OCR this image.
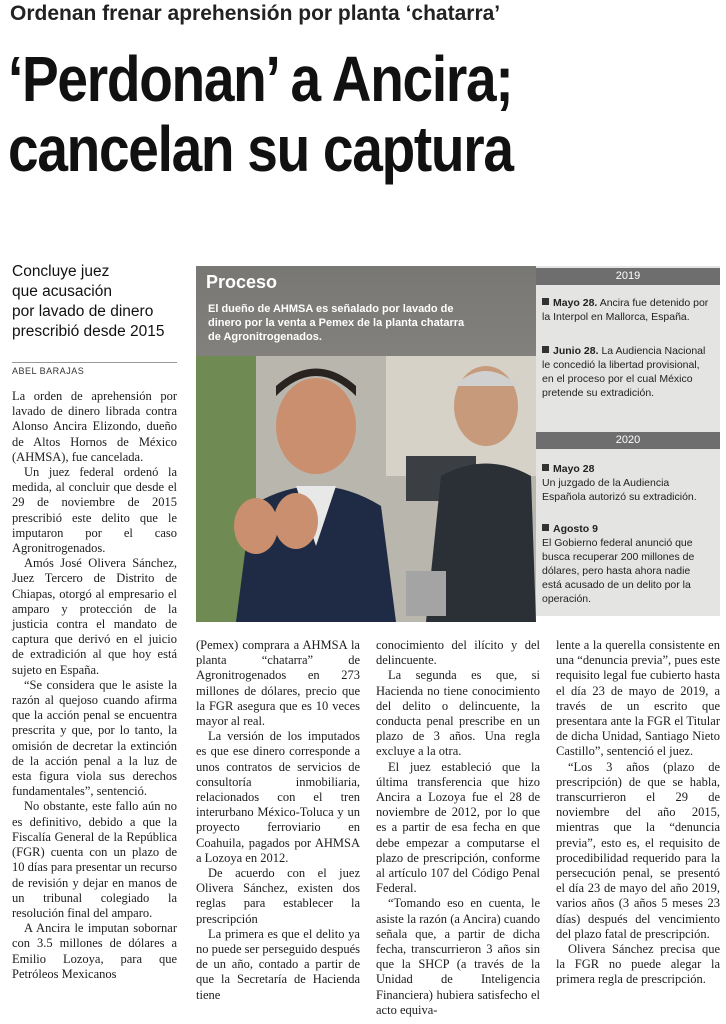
Ordenan frenar aprehensión por planta ‘chatarra’
‘Perdonan’ a Ancira;
cancelan su captura
Concluye juez
que acusación
por lavado de dinero
prescribió desde 2015
ABEL BARAJAS
Proceso
El dueño de AHMSA es señalado por lavado de dinero por la venta a Pemex de la planta chatarra de Agronitrogenados.
2019
Mayo 28. Ancira fue detenido por la Interpol en Mallorca, España.
Junio 28. La Audiencia Nacional le concedió la libertad provisional, en el proceso por el cual México pretende su extradición.
2020
Mayo 28
Un juzgado de la Audiencia Española autorizó su extradición.
Agosto 9
El Gobierno federal anunció que busca recuperar 200 millones de dólares, pero hasta ahora nadie está acusado de un delito por la operación.

La orden de aprehensión por lavado de dinero librada contra Alonso Ancira Elizondo, dueño de Altos Hornos de México (AHMSA), fue cancelada.

Un juez federal ordenó la medida, al concluir que desde el 29 de noviembre de 2015 prescribió este delito que le imputaron por el caso Agronitrogenados.

Amós José Olivera Sánchez, Juez Tercero de Distrito de Chiapas, otorgó al empresario el amparo y protección de la justicia contra el mandato de captura que derivó en el juicio de extradición al que hoy está sujeto en España.

“Se considera que le asiste la razón al quejoso cuando afirma que la acción penal se encuentra prescrita y que, por lo tanto, la omisión de decretar la extinción de la acción penal a la luz de esta figura viola sus derechos fundamentales”, sentenció.

No obstante, este fallo aún no es definitivo, debido a que la Fiscalía General de la República (FGR) cuenta con un plazo de 10 días para presentar un recurso de revisión y dejar en manos de un tribunal colegiado la resolución final del amparo.

A Ancira le imputan sobornar con 3.5 millones de dólares a Emilio Lozoya, para que Petróleos Mexicanos

(Pemex) comprara a AHMSA la planta “chatarra” de Agronitrogenados en 273 millones de dólares, precio que la FGR asegura que es 10 veces mayor al real.

La versión de los imputados es que ese dinero corresponde a unos contratos de servicios de consultoría inmobiliaria, relacionados con el tren interurbano México-Toluca y un proyecto ferroviario en Coahuila, pagados por AHMSA a Lozoya en 2012.

De acuerdo con el juez Olivera Sánchez, existen dos reglas para establecer la prescripción

La primera es que el delito ya no puede ser perseguido después de un año, contado a partir de que la Secretaría de Hacienda tiene

conocimiento del ilícito y del delincuente.

La segunda es que, si Hacienda no tiene conocimiento del delito o delincuente, la conducta penal prescribe en un plazo de 3 años. Una regla excluye a la otra.

El juez estableció que la última transferencia que hizo Ancira a Lozoya fue el 28 de noviembre de 2012, por lo que es a partir de esa fecha en que debe empezar a computarse el plazo de prescripción, conforme al artículo 107 del Código Penal Federal.

“Tomando eso en cuenta, le asiste la razón (a Ancira) cuando señala que, a partir de dicha fecha, transcurrieron 3 años sin que la SHCP (a través de la Unidad de Inteligencia Financiera) hubiera satisfecho el acto equiva-

lente a la querella consistente en una “denuncia previa”, pues este requisito legal fue cubierto hasta el día 23 de mayo de 2019, a través de un escrito que presentara ante la FGR el Titular de dicha Unidad, Santiago Nieto Castillo”, sentenció el juez.

“Los 3 años (plazo de prescripción) de que se habla, transcurrieron el 29 de noviembre del año 2015, mientras que la “denuncia previa”, esto es, el requisito de procedibilidad requerido para la persecución penal, se presentó el día 23 de mayo del año 2019, varios años (3 años 5 meses 23 días) después del vencimiento del plazo fatal de prescripción.

Olivera Sánchez precisa que la FGR no puede alegar la primera regla de prescripción.
